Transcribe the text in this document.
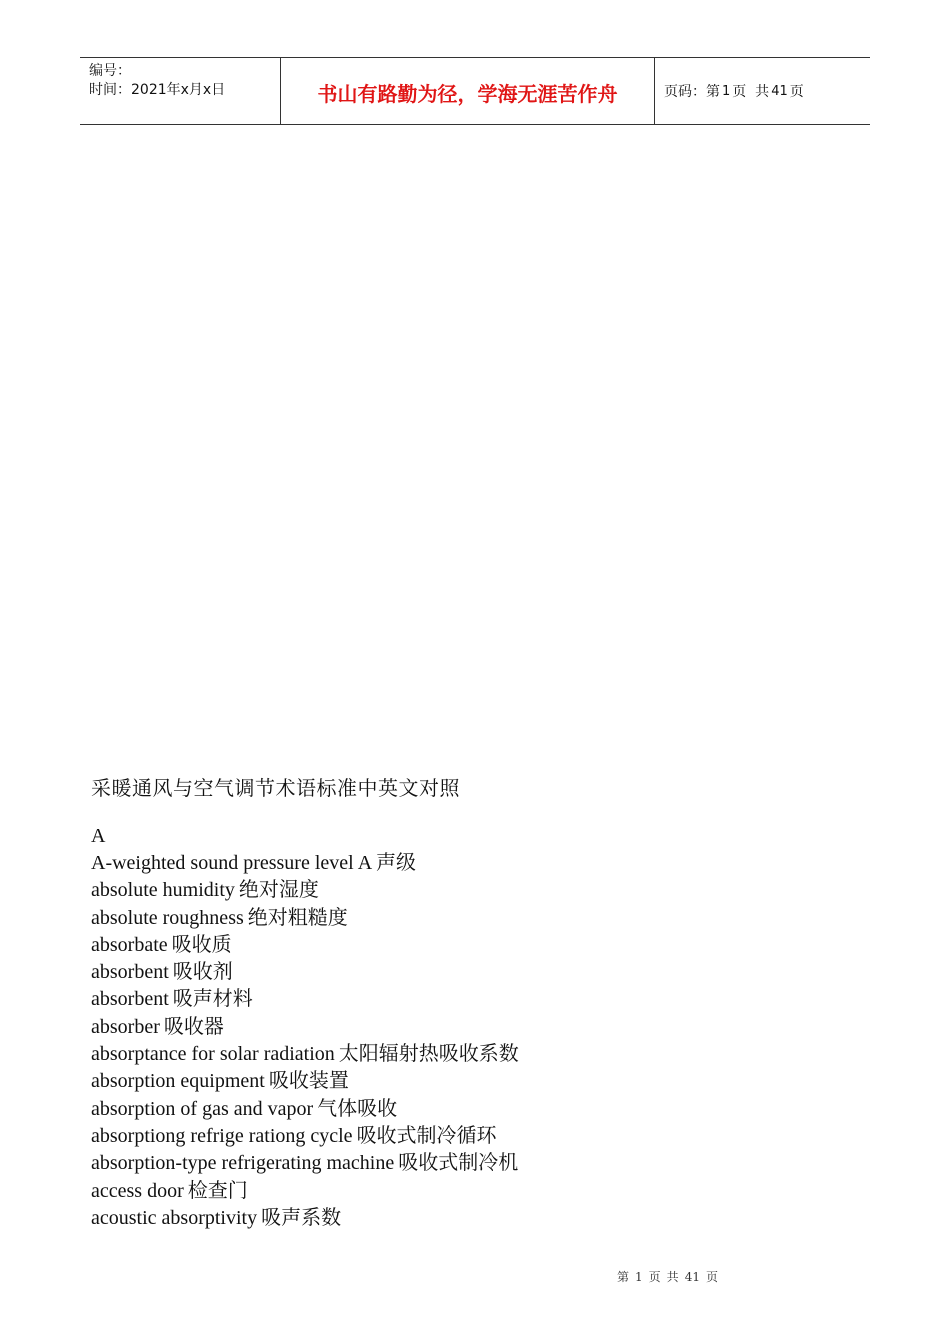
编号：
时间：2021年x月x日	书山有路勤为径，学海无涯苦作舟	页码：第 1 页  共 41 页
采暖通风与空气调节术语标准中英文对照
A
A-weighted sound pressure level A 声级
absolute humidity 绝对湿度
absolute roughness 绝对粗糙度
absorbate 吸收质
absorbent 吸收剂
absorbent 吸声材料
absorber 吸收器
absorptance for solar radiation 太阳辐射热吸收系数
absorption equipment 吸收装置
absorption of gas and vapor 气体吸收
absorptiong refrige rationg cycle 吸收式制冷循环
absorption-type refrigerating machine 吸收式制冷机
access door 检查门
acoustic absorptivity 吸声系数
第 1 页 共 41 页
